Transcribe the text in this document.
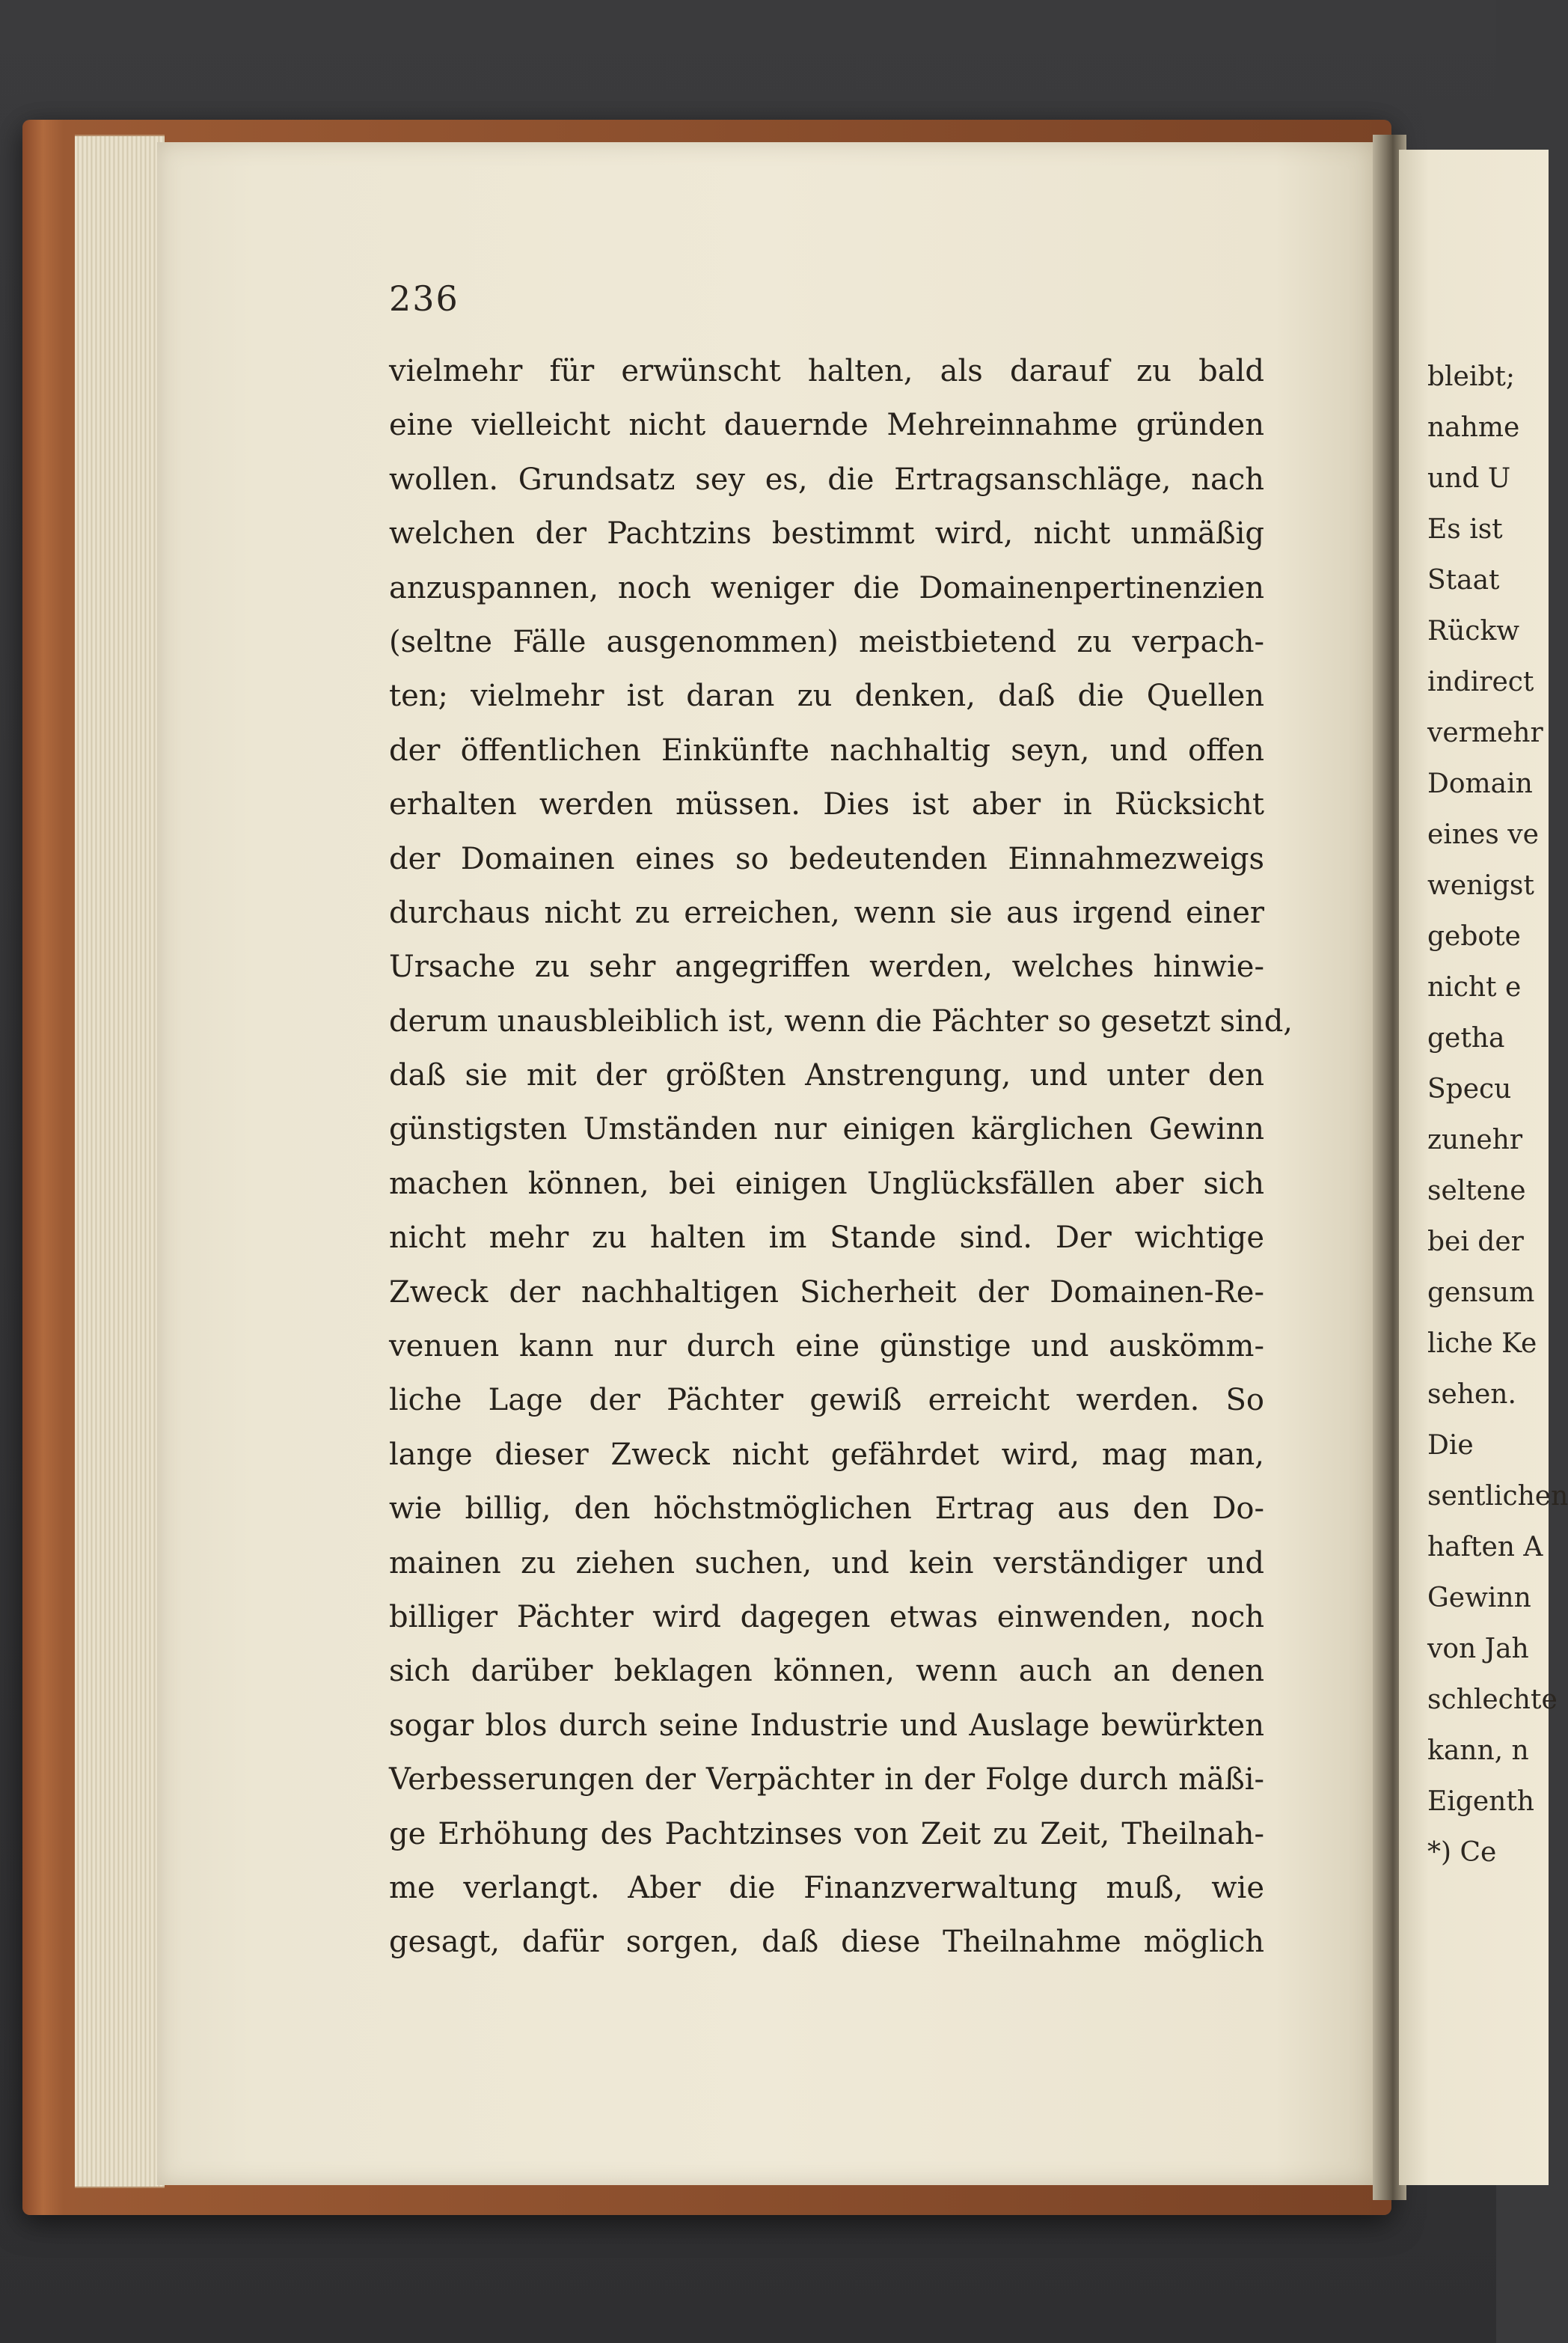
bleibt;
nahme
und U
Es ist
Staat
Rückw
indirect
vermehr
Domain
eines ve
wenigst
gebote
nicht e
getha
Specu
zunehr
seltene
bei der
gensum
liche Ke
sehen.
Die
sentlichen
haften A
Gewinn
von Jah
schlechte
kann, n
Eigenth
*) Ce
236
vielmehr für erwünscht halten, als darauf zu bald
eine vielleicht nicht dauernde Mehreinnahme gründen
wollen. Grundsatz sey es, die Ertragsanschläge, nach
welchen der Pachtzins bestimmt wird, nicht unmäßig
anzuspannen, noch weniger die Domainenpertinenzien
(seltne Fälle ausgenommen) meistbietend zu verpach-
ten; vielmehr ist daran zu denken, daß die Quellen
der öffentlichen Einkünfte nachhaltig seyn, und offen
erhalten werden müssen. Dies ist aber in Rücksicht
der Domainen eines so bedeutenden Einnahmezweigs
durchaus nicht zu erreichen, wenn sie aus irgend einer
Ursache zu sehr angegriffen werden, welches hinwie-
derum unausbleiblich ist, wenn die Pächter so gesetzt sind,
daß sie mit der größten Anstrengung, und unter den
günstigsten Umständen nur einigen kärglichen Gewinn
machen können, bei einigen Unglücksfällen aber sich
nicht mehr zu halten im Stande sind. Der wichtige
Zweck der nachhaltigen Sicherheit der Domainen-Re-
venuen kann nur durch eine günstige und auskömm-
liche Lage der Pächter gewiß erreicht werden. So
lange dieser Zweck nicht gefährdet wird, mag man,
wie billig, den höchstmöglichen Ertrag aus den Do-
mainen zu ziehen suchen, und kein verständiger und
billiger Pächter wird dagegen etwas einwenden, noch
sich darüber beklagen können, wenn auch an denen
sogar blos durch seine Industrie und Auslage bewürkten
Verbesserungen der Verpächter in der Folge durch mäßi-
ge Erhöhung des Pachtzinses von Zeit zu Zeit, Theilnah-
me verlangt. Aber die Finanzverwaltung muß, wie
gesagt, dafür sorgen, daß diese Theilnahme möglich
